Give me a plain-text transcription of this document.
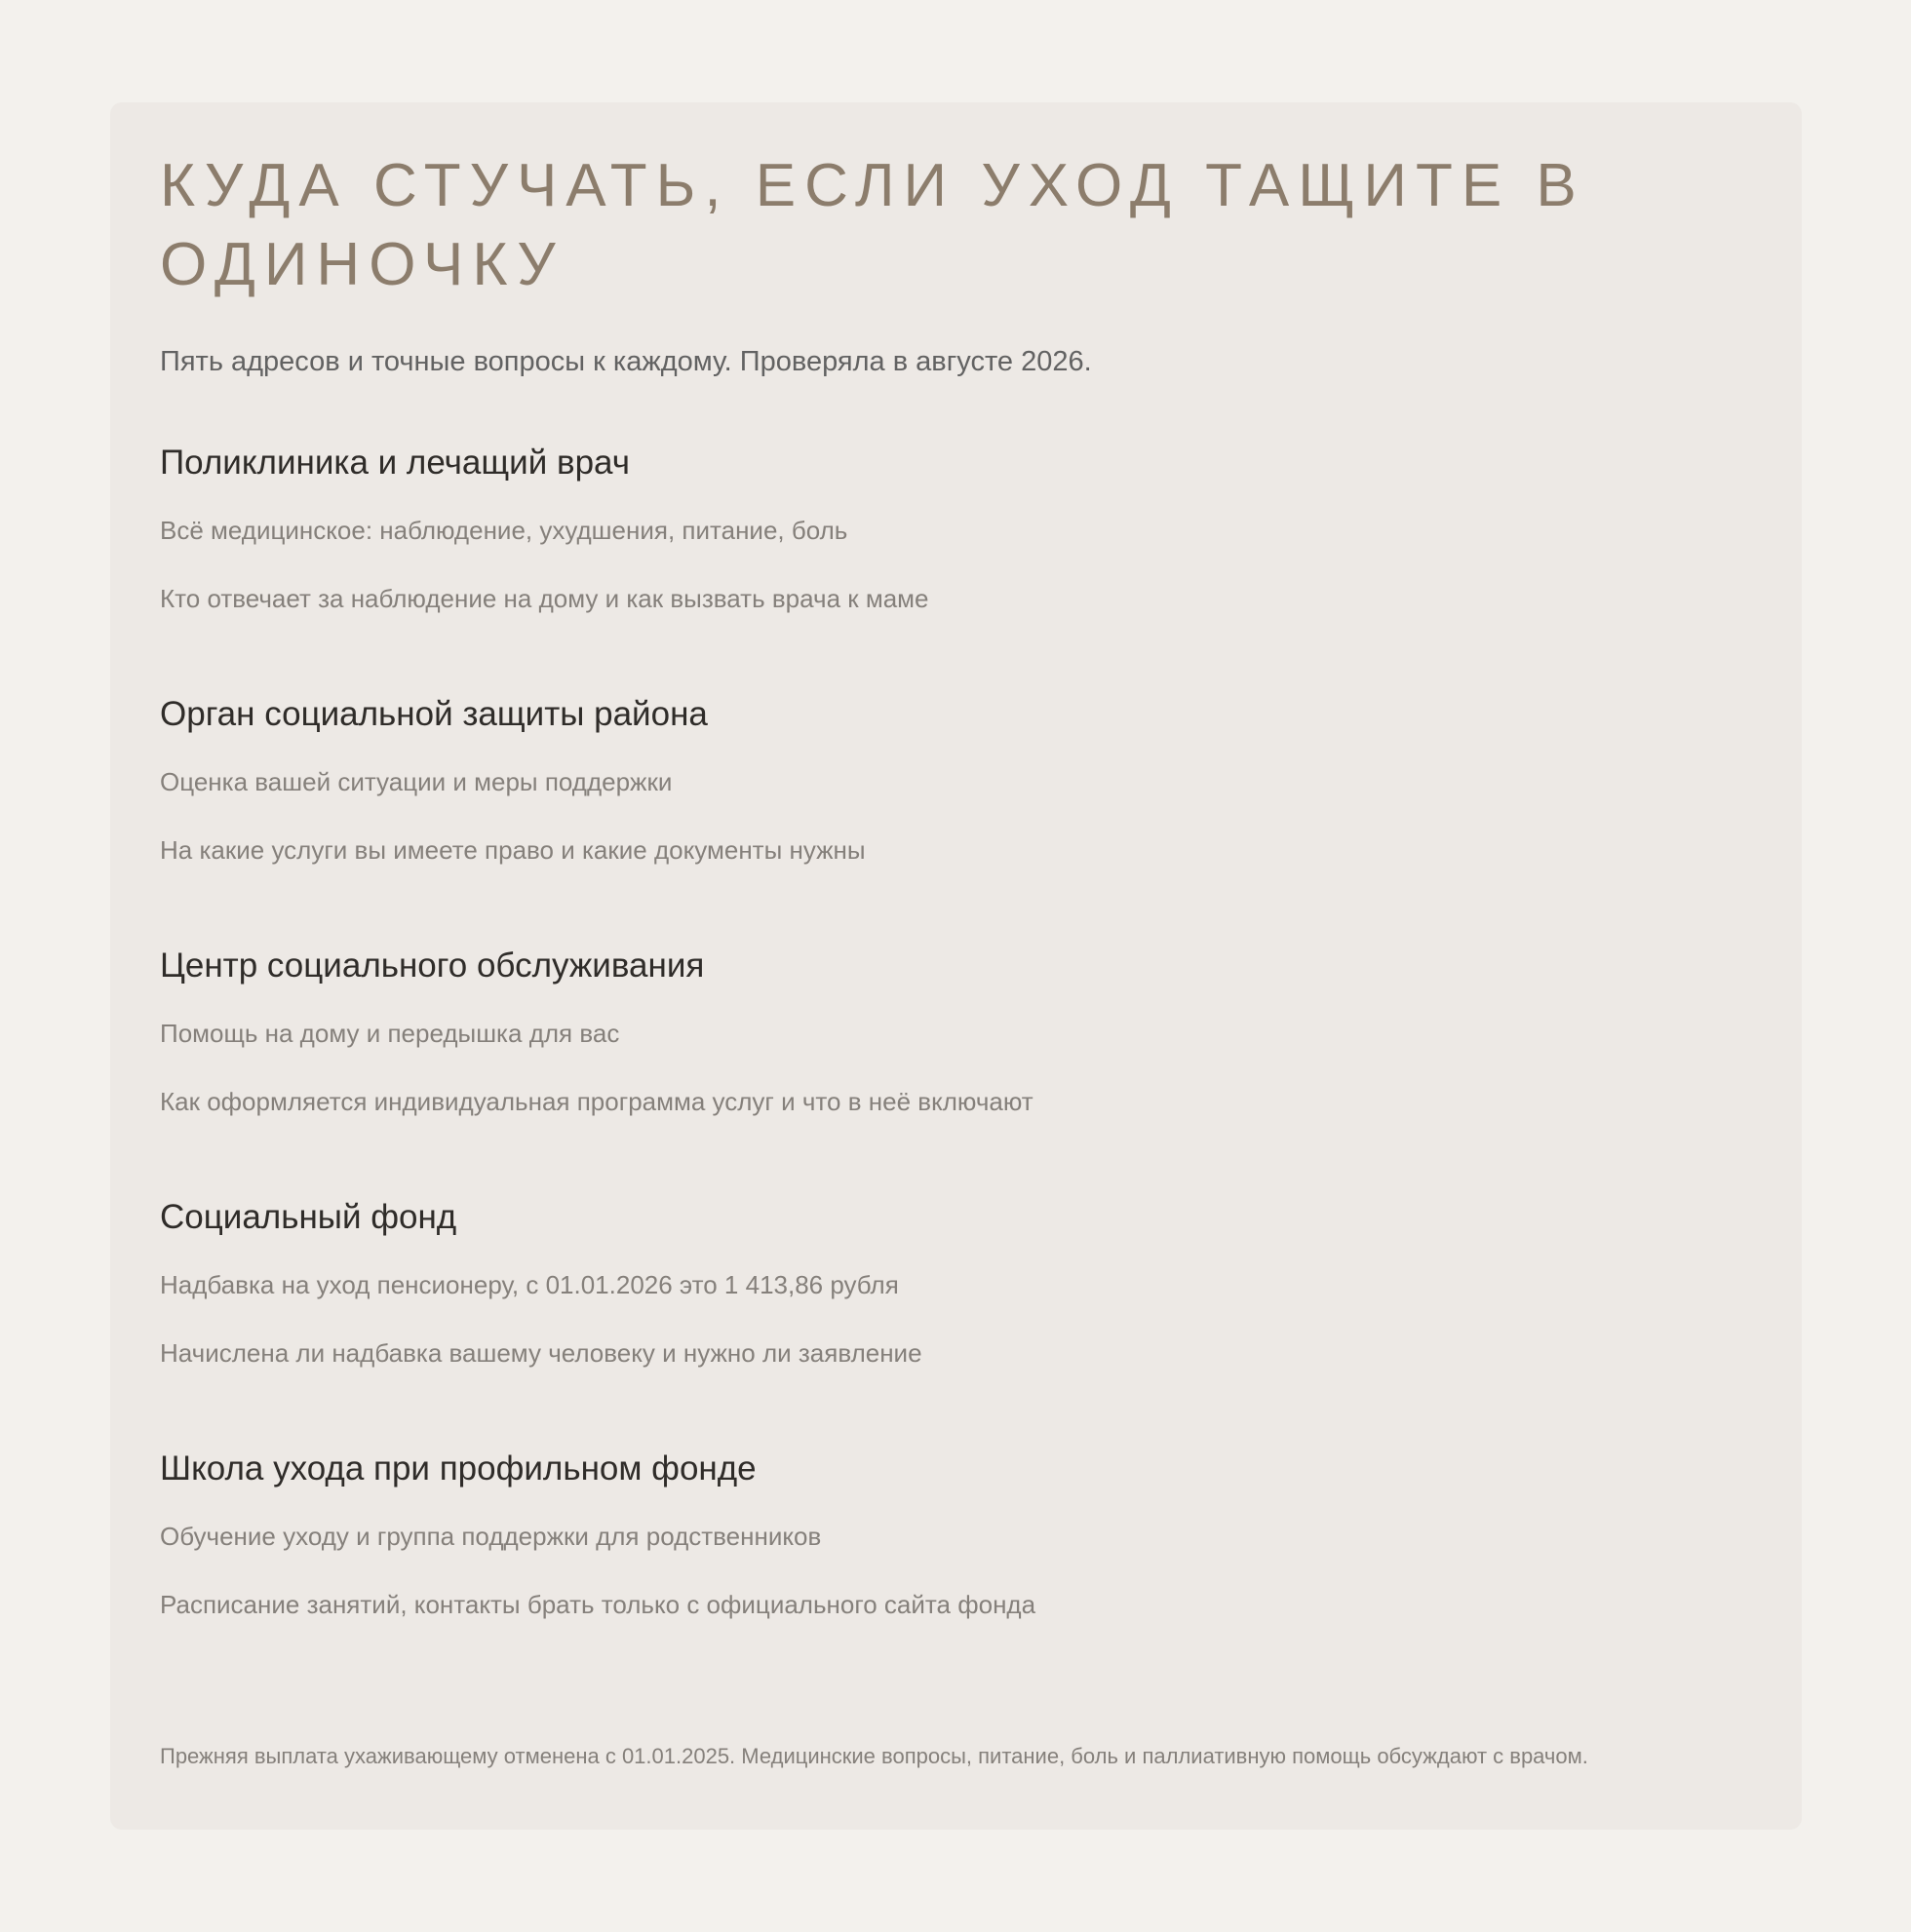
КУДА СТУЧАТЬ, ЕСЛИ УХОД ТАЩИТЕ В ОДИНОЧКУ

Пять адресов и точные вопросы к каждому. Проверяла в августе 2026.

Поликлиника и лечащий врач

Всё медицинское: наблюдение, ухудшения, питание, боль

Кто отвечает за наблюдение на дому и как вызвать врача к маме

Орган социальной защиты района

Оценка вашей ситуации и меры поддержки

На какие услуги вы имеете право и какие документы нужны

Центр социального обслуживания

Помощь на дому и передышка для вас

Как оформляется индивидуальная программа услуг и что в неё включают

Социальный фонд

Надбавка на уход пенсионеру, с 01.01.2026 это 1 413,86 рубля

Начислена ли надбавка вашему человеку и нужно ли заявление

Школа ухода при профильном фонде

Обучение уходу и группа поддержки для родственников

Расписание занятий, контакты брать только с официального сайта фонда

Прежняя выплата ухаживающему отменена с 01.01.2025. Медицинские вопросы, питание, боль и паллиативную помощь обсуждают с врачом.
